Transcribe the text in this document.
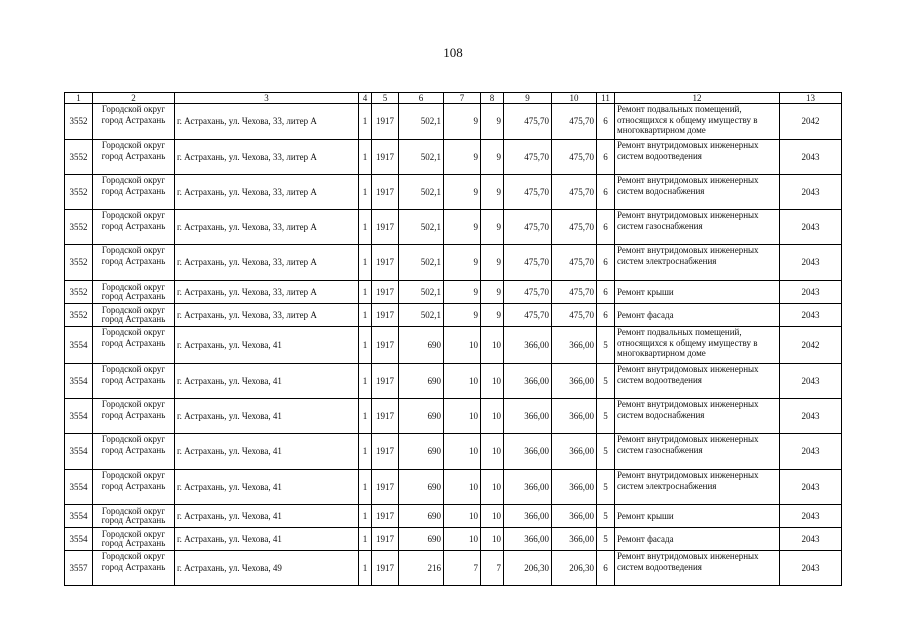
108
1	2	3	4	5	6	7	8	9	10	11	12	13
3552	Городской округ город Астрахань	г. Астрахань, ул. Чехова, 33, литер А	1	1917	502,1	9	9	475,70	475,70	6	Ремонт подвальных помещений, относящихся к общему имуществу в многоквартирном доме	2042
3552	Городской округ город Астрахань	г. Астрахань, ул. Чехова, 33, литер А	1	1917	502,1	9	9	475,70	475,70	6	Ремонт внутридомовых инженерных систем водоотведения	2043
3552	Городской округ город Астрахань	г. Астрахань, ул. Чехова, 33, литер А	1	1917	502,1	9	9	475,70	475,70	6	Ремонт внутридомовых инженерных систем водоснабжения	2043
3552	Городской округ город Астрахань	г. Астрахань, ул. Чехова, 33, литер А	1	1917	502,1	9	9	475,70	475,70	6	Ремонт внутридомовых инженерных систем газоснабжения	2043
3552	Городской округ город Астрахань	г. Астрахань, ул. Чехова, 33, литер А	1	1917	502,1	9	9	475,70	475,70	6	Ремонт внутридомовых инженерных систем электроснабжения	2043
3552	Городской округ город Астрахань	г. Астрахань, ул. Чехова, 33, литер А	1	1917	502,1	9	9	475,70	475,70	6	Ремонт крыши	2043
3552	Городской округ город Астрахань	г. Астрахань, ул. Чехова, 33, литер А	1	1917	502,1	9	9	475,70	475,70	6	Ремонт фасада	2043
3554	Городской округ город Астрахань	г. Астрахань, ул. Чехова, 41	1	1917	690	10	10	366,00	366,00	5	Ремонт подвальных помещений, относящихся к общему имуществу в многоквартирном доме	2042
3554	Городской округ город Астрахань	г. Астрахань, ул. Чехова, 41	1	1917	690	10	10	366,00	366,00	5	Ремонт внутридомовых инженерных систем водоотведения	2043
3554	Городской округ город Астрахань	г. Астрахань, ул. Чехова, 41	1	1917	690	10	10	366,00	366,00	5	Ремонт внутридомовых инженерных систем водоснабжения	2043
3554	Городской округ город Астрахань	г. Астрахань, ул. Чехова, 41	1	1917	690	10	10	366,00	366,00	5	Ремонт внутридомовых инженерных систем газоснабжения	2043
3554	Городской округ город Астрахань	г. Астрахань, ул. Чехова, 41	1	1917	690	10	10	366,00	366,00	5	Ремонт внутридомовых инженерных систем электроснабжения	2043
3554	Городской округ город Астрахань	г. Астрахань, ул. Чехова, 41	1	1917	690	10	10	366,00	366,00	5	Ремонт крыши	2043
3554	Городской округ город Астрахань	г. Астрахань, ул. Чехова, 41	1	1917	690	10	10	366,00	366,00	5	Ремонт фасада	2043
3557	Городской округ город Астрахань	г. Астрахань, ул. Чехова, 49	1	1917	216	7	7	206,30	206,30	6	Ремонт внутридомовых инженерных систем водоотведения	2043
